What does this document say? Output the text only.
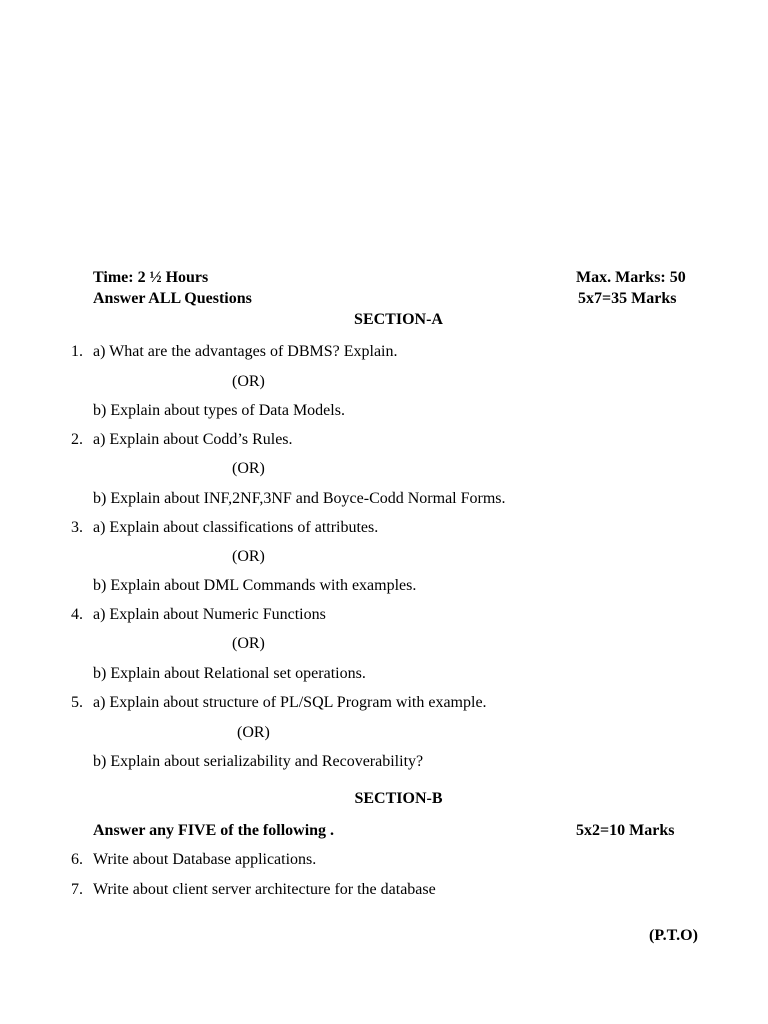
Time: 2 ½ Hours	Max. Marks: 50
Answer ALL Questions	5x7=35 Marks
SECTION-A
1. a) What are the advantages of DBMS? Explain.
(OR)
b) Explain about types of Data Models.
2. a) Explain about Codd’s Rules.
(OR)
b) Explain about INF,2NF,3NF and Boyce-Codd Normal Forms.
3. a) Explain about classifications of attributes.
(OR)
b) Explain about DML Commands with examples.
4. a) Explain about Numeric Functions
(OR)
b) Explain about Relational set operations.
5. a) Explain about structure of PL/SQL Program with example.
(OR)
b) Explain about serializability and Recoverability?
SECTION-B
Answer any FIVE of the following .	5x2=10 Marks
6. Write about Database applications.
7. Write about client server architecture for the database
(P.T.O)
